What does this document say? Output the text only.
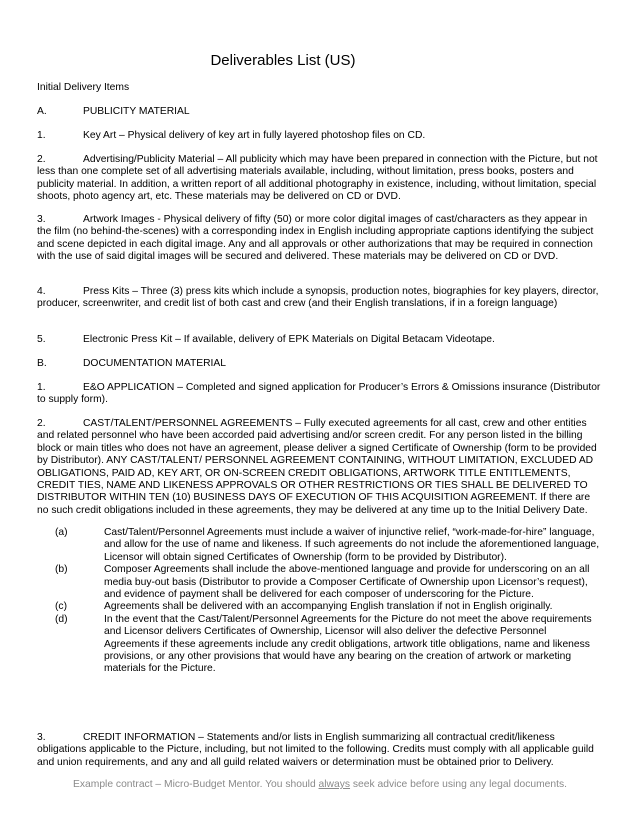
Deliverables List (US)
Initial Delivery Items
A.	PUBLICITY MATERIAL
1.	Key Art – Physical delivery of key art in fully layered photoshop files on CD.
2.	Advertising/Publicity Material – All publicity which may have been prepared in connection with the Picture, but not less than one complete set of all advertising materials available, including, without limitation, press books, posters and publicity material. In addition, a written report of all additional photography in existence, including, without limitation, special shoots, photo agency art, etc. These materials may be delivered on CD or DVD.
3.	Artwork Images - Physical delivery of fifty (50) or more color digital images of cast/characters as they appear in the film (no behind-the-scenes) with a corresponding index in English including appropriate captions identifying the subject and scene depicted in each digital image. Any and all approvals or other authorizations that may be required in connection with the use of said digital images will be secured and delivered. These materials may be delivered on CD or DVD.
4.	Press Kits – Three (3) press kits which include a synopsis, production notes, biographies for key players, director, producer, screenwriter, and credit list of both cast and crew (and their English translations, if in a foreign language)
5.	Electronic Press Kit – If available, delivery of EPK Materials on Digital Betacam Videotape.
B.	DOCUMENTATION MATERIAL
1.	E&O APPLICATION – Completed and signed application for Producer’s Errors & Omissions insurance (Distributor to supply form).
2.	CAST/TALENT/PERSONNEL AGREEMENTS – Fully executed agreements for all cast, crew and other entities and related personnel who have been accorded paid advertising and/or screen credit. For any person listed in the billing block or main titles who does not have an agreement, please deliver a signed Certificate of Ownership (form to be provided by Distributor). ANY CAST/TALENT/ PERSONNEL AGREEMENT CONTAINING, WITHOUT LIMITATION, EXCLUDED AD OBLIGATIONS, PAID AD, KEY ART, OR ON-SCREEN CREDIT OBLIGATIONS, ARTWORK TITLE ENTITLEMENTS, CREDIT TIES, NAME AND LIKENESS APPROVALS OR OTHER RESTRICTIONS OR TIES SHALL BE DELIVERED TO DISTRIBUTOR WITHIN TEN (10) BUSINESS DAYS OF EXECUTION OF THIS ACQUISITION AGREEMENT. If there are no such credit obligations included in these agreements, they may be delivered at any time up to the Initial Delivery Date.
(a)	Cast/Talent/Personnel Agreements must include a waiver of injunctive relief, “work-made-for-hire” language, and allow for the use of name and likeness. If such agreements do not include the aforementioned language, Licensor will obtain signed Certificates of Ownership (form to be provided by Distributor).
(b)	Composer Agreements shall include the above-mentioned language and provide for underscoring on an all media buy-out basis (Distributor to provide a Composer Certificate of Ownership upon Licensor’s request), and evidence of payment shall be delivered for each composer of underscoring for the Picture.
(c)	Agreements shall be delivered with an accompanying English translation if not in English originally.
(d)	In the event that the Cast/Talent/Personnel Agreements for the Picture do not meet the above requirements and Licensor delivers Certificates of Ownership, Licensor will also deliver the defective Personnel Agreements if these agreements include any credit obligations, artwork title obligations, name and likeness provisions, or any other provisions that would have any bearing on the creation of artwork or marketing materials for the Picture.
3.	CREDIT INFORMATION – Statements and/or lists in English summarizing all contractual credit/likeness obligations applicable to the Picture, including, but not limited to the following. Credits must comply with all applicable guild and union requirements, and any and all guild related waivers or determination must be obtained prior to Delivery.
Example contract – Micro-Budget Mentor. You should always seek advice before using any legal documents.
